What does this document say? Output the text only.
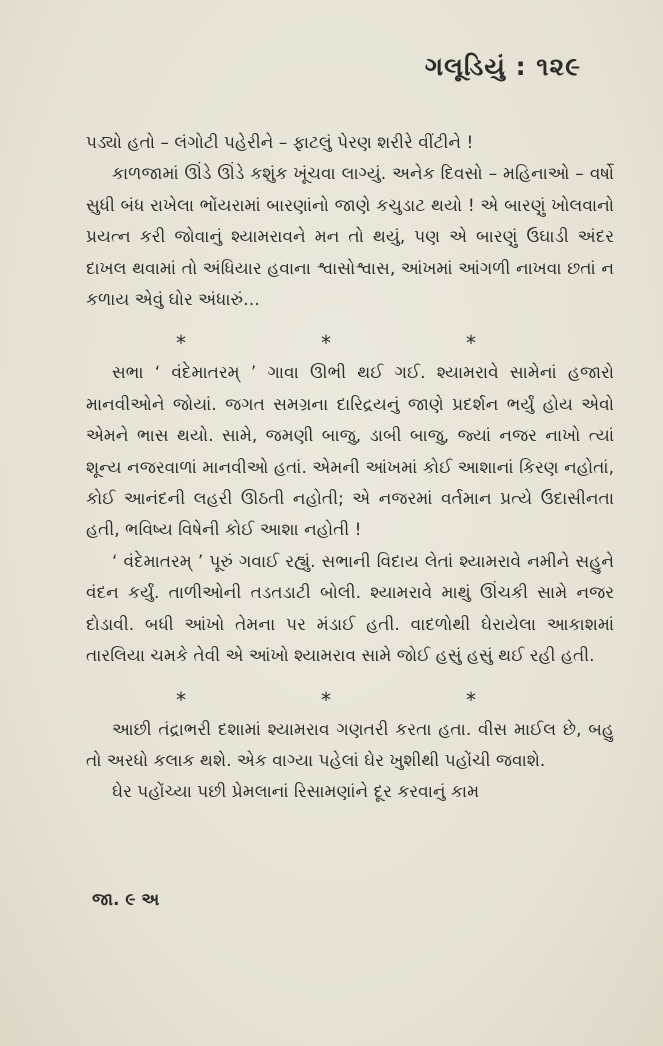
ગલૂડિયું : ૧૨૯

પડ્યો હતો – લંગોટી પહેરીને – ફાટલું પેરણ શરીરે વીંટીને !

કાળજામાં ઊંડે ઊંડે કશુંક ખૂંચવા લાગ્યું. અનેક દિવસો – મહિનાઓ – વર્ષો સુધી બંધ રાખેલા ભોંયરામાં બારણાંનો જાણે કચુડાટ થયો ! એ બારણું ખોલવાનો પ્રયત્ન કરી જોવાનું શ્યામરાવને મન તો થયું, પણ એ બારણું ઉઘાડી અંદર દાખલ થવામાં તો અંધિયાર હવાના શ્વાસોશ્વાસ, આંખમાં આંગળી નાખવા છતાં ન કળાય એવું ઘોર અંધારું…

*	*	*

સભા ‘ વંદેમાતરમ્ ’ ગાવા ઊભી થઈ ગઈ. શ્યામરાવે સામેનાં હજારો માનવીઓને જોયાં. જગત સમગ્રના દારિદ્રયનું જાણે પ્રદર્શન ભર્યું હોય એવો એમને ભાસ થયો. સામે, જમણી બાજુ, ડાબી બાજુ, જ્યાં નજર નાખો ત્યાં શૂન્ય નજરવાળાં માનવીઓ હતાં. એમની આંખમાં કોઈ આશાનાં કિરણ નહોતાં, કોઈ આનંદની લહરી ઊઠતી નહોતી; એ નજરમાં વર્તમાન પ્રત્યે ઉદાસીનતા હતી, ભવિષ્ય વિષેની કોઈ આશા નહોતી !

‘ વંદેમાતરમ્ ’ પૂરું ગવાઈ રહ્યું. સભાની વિદાય લેતાં શ્યામરાવે નમીને સહુને વંદન કર્યું. તાળીઓની તડતડાટી બોલી. શ્યામરાવે માથું ઊંચકી સામે નજર દોડાવી. બધી આંખો તેમના પર મંડાઈ હતી. વાદળોથી ઘેરાયેલા આકાશમાં તારલિયા ચમકે તેવી એ આંખો શ્યામરાવ સામે જોઈ હસું હસું થઈ રહી હતી.

*	*	*

આછી તંદ્રાભરી દશામાં શ્યામરાવ ગણતરી કરતા હતા. વીસ માઈલ છે, બહુ તો અરધો કલાક થશે. એક વાગ્યા પહેલાં ઘેર ખુશીથી પહોંચી જવાશે.

ઘેર પહોંચ્યા પછી પ્રેમલાનાં રિસામણાંને દૂર કરવાનું કામ

જા. ૯ અ
